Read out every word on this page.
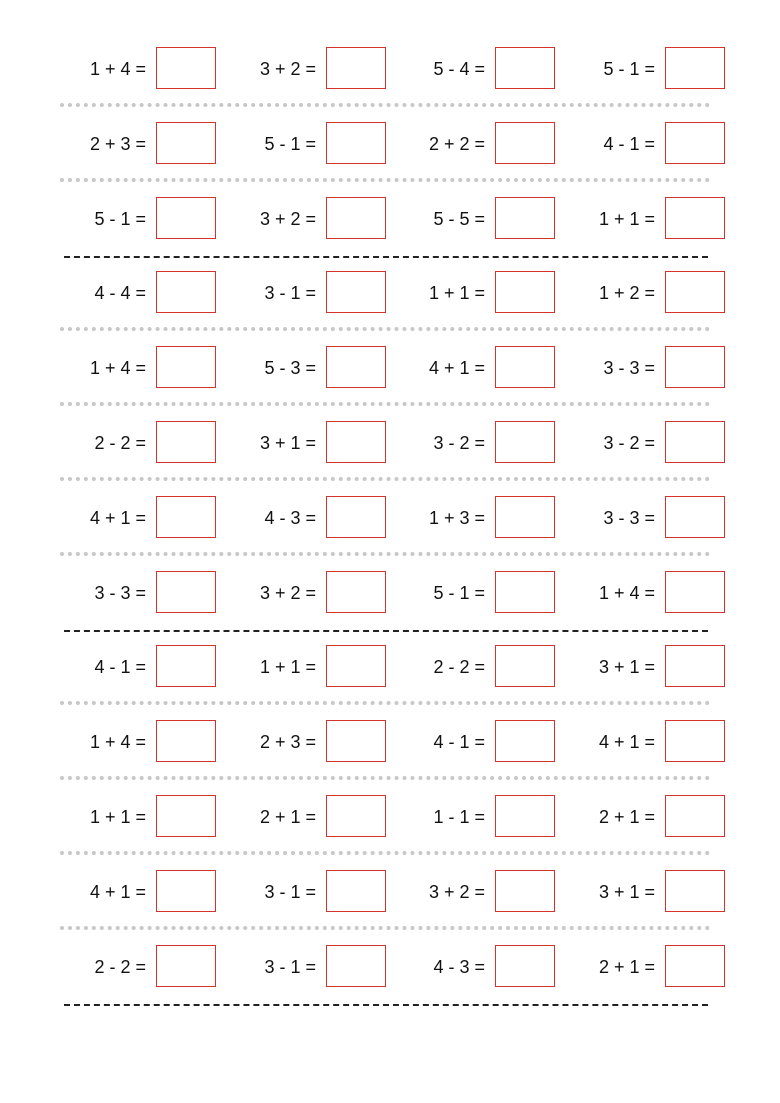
1 + 4 =	3 + 2 =	5 - 4 =	5 - 1 =
2 + 3 =	5 - 1 =	2 + 2 =	4 - 1 =
5 - 1 =	3 + 2 =	5 - 5 =	1 + 1 =
4 - 4 =	3 - 1 =	1 + 1 =	1 + 2 =
1 + 4 =	5 - 3 =	4 + 1 =	3 - 3 =
2 - 2 =	3 + 1 =	3 - 2 =	3 - 2 =
4 + 1 =	4 - 3 =	1 + 3 =	3 - 3 =
3 - 3 =	3 + 2 =	5 - 1 =	1 + 4 =
4 - 1 =	1 + 1 =	2 - 2 =	3 + 1 =
1 + 4 =	2 + 3 =	4 - 1 =	4 + 1 =
1 + 1 =	2 + 1 =	1 - 1 =	2 + 1 =
4 + 1 =	3 - 1 =	3 + 2 =	3 + 1 =
2 - 2 =	3 - 1 =	4 - 3 =	2 + 1 =
